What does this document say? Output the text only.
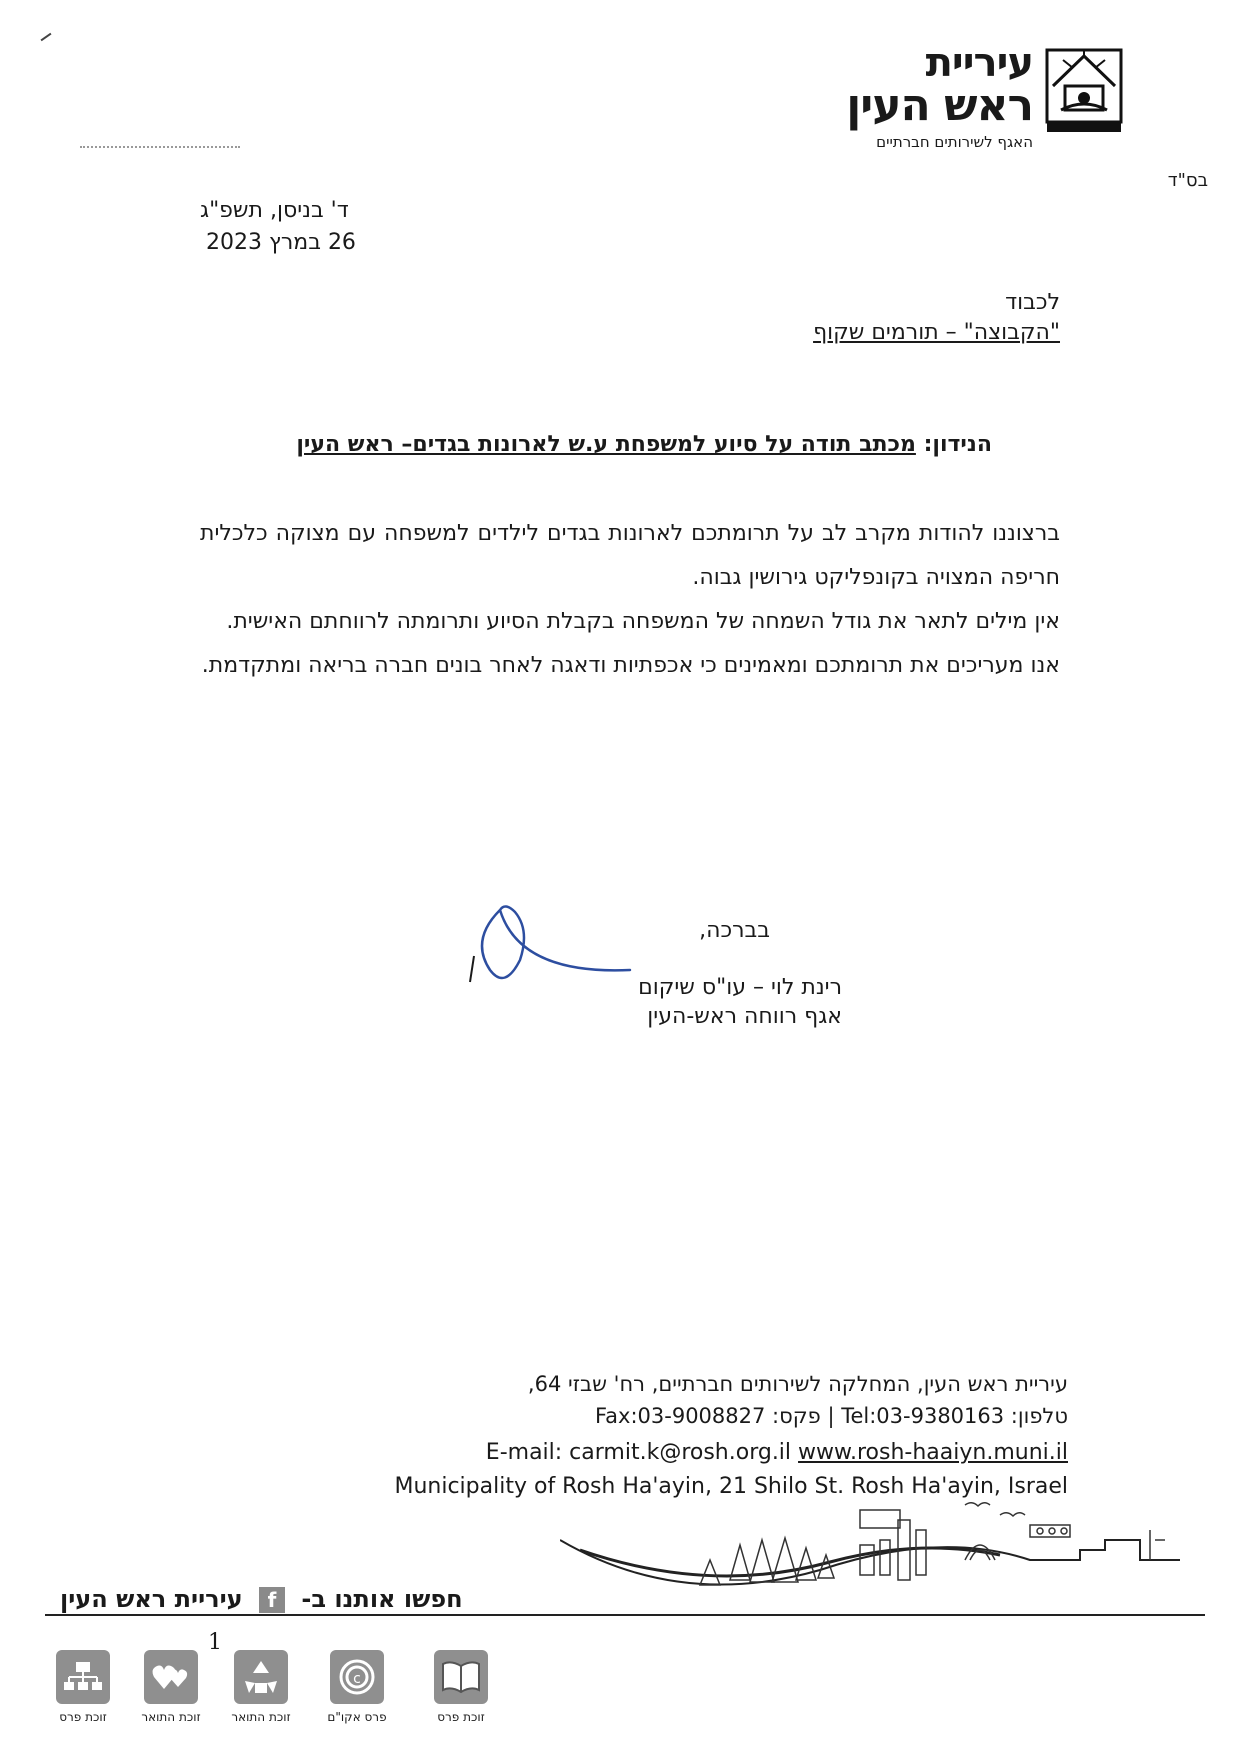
עיריית
ראש העין
האגף לשירותים חברתיים
בס"ד
ד' בניסן, תשפ"ג
26 במרץ 2023
לכבוד
"הקבוצה" – תורמים שקוף
הנידון: מכתב תודה על סיוע למשפחת ע.ש לארונות בגדים– ראש העין

ברצוננו להודות מקרב לב על תרומתכם לארונות בגדים לילדים למשפחה עם מצוקה כלכלית חריפה המצויה בקונפליקט גירושין גבוה.

אין מילים לתאר את גודל השמחה של המשפחה בקבלת הסיוע ותרומתה לרווחתם האישית.

אנו מעריכים את תרומתכם ומאמינים כי אכפתיות ודאגה לאחר בונים חברה בריאה ומתקדמת.

בברכה,
רינת לוי – עו"ס שיקום
אגף רווחה ראש-העין
עיריית ראש העין, המחלקה לשירותים חברתיים, רח' שבזי 64,
טלפון: Tel:03-9380163 | פקס: Fax:03-9008827
E-mail: carmit.k@rosh.org.il www.rosh-haaiyn.muni.il
Municipality of Rosh Ha'ayin, 21 Shilo St. Rosh Ha'ayin, Israel
חפשו אותנו ב- f עיריית ראש העין
1
זוכת פרס
c
פרס אקו"ם
זוכת התואר
זוכת התואר
זוכת פרס
